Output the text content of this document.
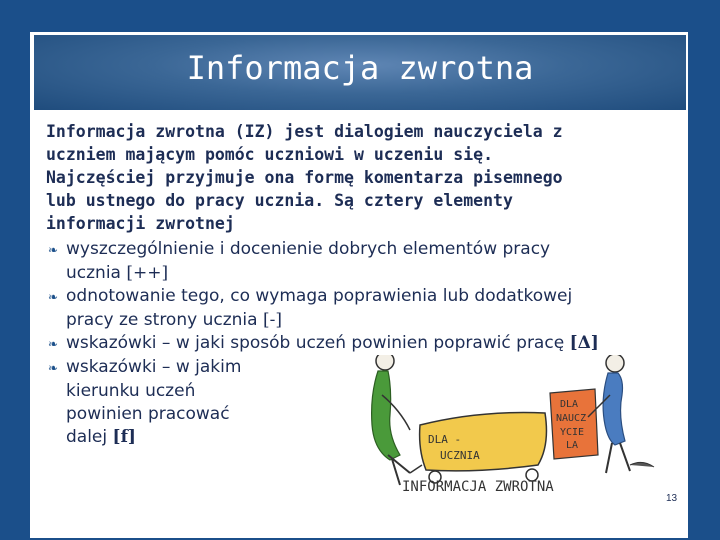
Informacja zwrotna
Informacja zwrotna (IZ) jest dialogiem nauczyciela z
uczniem mającym pomóc uczniowi w uczeniu się.
Najczęściej przyjmuje ona formę komentarza pisemnego
lub ustnego do pracy ucznia. Są cztery elementy
informacji zwrotnej
❧ wyszczególnienie i docenienie dobrych elementów pracy
ucznia [++]
❧ odnotowanie tego, co wymaga poprawienia lub dodatkowej
pracy ze strony ucznia [-]
❧ wskazówki – w jaki sposób uczeń powinien poprawić pracę [Δ]
❧ wskazówki – w jakim
kierunku uczeń
powinien pracować
dalej [f]	DLA -
UCZNIA
DLA
NAUCZ
YCIE
LA
INFORMACJA ZWROTNA
13
